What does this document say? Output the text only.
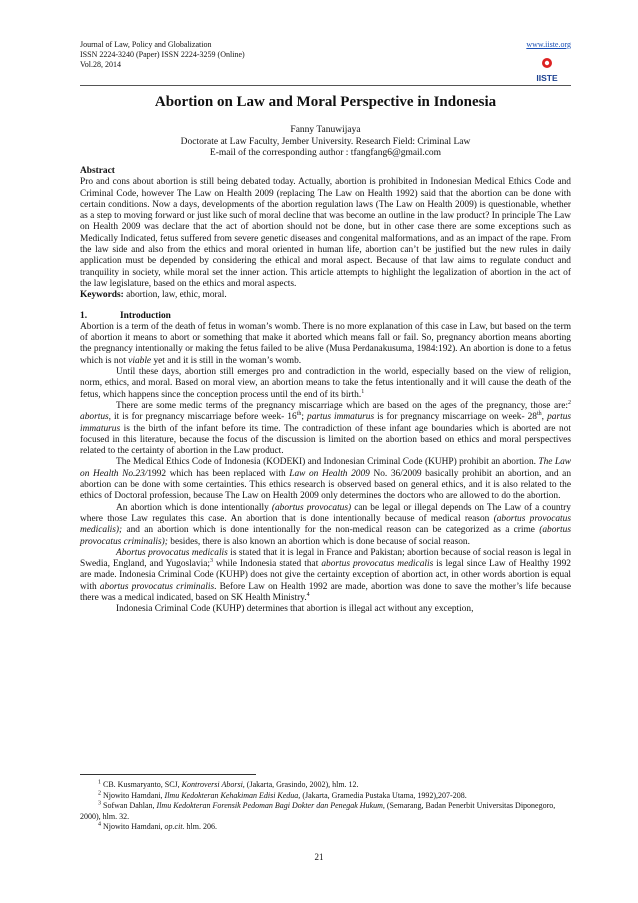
Journal of Law, Policy and Globalization
ISSN 2224-3240 (Paper) ISSN 2224-3259 (Online)
Vol.28, 2014
www.iiste.org
IISTE
Abortion on Law and Moral Perspective in Indonesia
Fanny Tanuwijaya
Doctorate at Law Faculty, Jember University. Research Field: Criminal Law
E-mail of the corresponding author : tfangfang6@gmail.com

Abstract

Pro and cons about abortion is still being debated today. Actually, abortion is prohibited in Indonesian Medical Ethics Code and Criminal Code, however The Law on Health 2009 (replacing The Law on Health 1992) said that the abortion can be done with certain conditions. Now a days, developments of the abortion regulation laws (The Law on Health 2009) is questionable, whether as a step to moving forward or just like such of moral decline that was become an outline in the law product? In principle The Law on Health 2009 was declare that the act of abortion should not be done, but in other case there are some exceptions such as Medically Indicated, fetus suffered from severe genetic diseases and congenital malformations, and as an impact of the rape. From the law side and also from the ethics and moral oriented in human life, abortion can’t be justified but the new rules in daily application must be depended by considering the ethical and moral aspect. Because of that law aims to regulate conduct and tranquility in society, while moral set the inner action. This article attempts to highlight the legalization of abortion in the act of the law legislature, based on the ethics and moral aspects.

Keywords: abortion, law, ethic, moral.

1.	Introduction

Abortion is a term of the death of fetus in woman’s womb. There is no more explanation of this case in Law, but based on the term of abortion it means to abort or something that make it aborted which means fall or fail. So, pregnancy abortion means aborting the pregnancy intentionally or making the fetus failed to be alive (Musa Perdanakusuma, 1984:192). An abortion is done to a fetus which is not viable yet and it is still in the woman’s womb.

Until these days, abortion still emerges pro and contradiction in the world, especially based on the view of religion, norm, ethics, and moral. Based on moral view, an abortion means to take the fetus intentionally and it will cause the death of the fetus, which happens since the conception process until the end of its birth.$^1$

There are some medic terms of the pregnancy miscarriage which are based on the ages of the pregnancy, those are:$^2$ abortus, it is for pregnancy miscarriage before week- 16th; partus immaturus is for pregnancy miscarriage on week- 28th, partus immaturus is the birth of the infant before its time. The contradiction of these infant age boundaries which is aborted are not focused in this literature, because the focus of the discussion is limited on the abortion based on ethics and moral perspectives related to the certainty of abortion in the Law product.

The Medical Ethics Code of Indonesia (KODEKI) and Indonesian Criminal Code (KUHP) prohibit an abortion. The Law on Health No.23/1992 which has been replaced with Law on Health 2009 No. 36/2009 basically prohibit an abortion, and an abortion can be done with some certainties. This ethics research is observed based on general ethics, and it is also related to the ethics of Doctoral profession, because The Law on Health 2009 only determines the doctors who are allowed to do the abortion.

An abortion which is done intentionally (abortus provocatus) can be legal or illegal depends on The Law of a country where those Law regulates this case. An abortion that is done intentionally because of medical reason (abortus provocatus medicalis); and an abortion which is done intentionally for the non-medical reason can be categorized as a crime (abortus provocatus criminalis); besides, there is also known an abortion which is done because of social reason.

Abortus provocatus medicalis is stated that it is legal in France and Pakistan; abortion because of social reason is legal in Swedia, England, and Yugoslavia;$^3$ while Indonesia stated that abortus provocatus medicalis is legal since Law of Healthy 1992 are made. Indonesia Criminal Code (KUHP) does not give the certainty exception of abortion act, in other words abortion is equal with abortus provocatus criminalis. Before Law on Health 1992 are made, abortion was done to save the mother’s life because there was a medical indicated, based on SK Health Ministry.$^4$

Indonesia Criminal Code (KUHP) determines that abortion is illegal act without any exception,

$^1$ CB. Kusmaryanto, SCJ, Kontroversi Aborsi, (Jakarta, Grasindo, 2002), hlm. 12.

$^2$ Njowito Hamdani, Ilmu Kedokteran Kehakiman Edisi Kedua, (Jakarta, Gramedia Pustaka Utama, 1992),207-208.

$^3$ Sofwan Dahlan, Ilmu Kedokteran Forensik Pedoman Bagi Dokter dan Penegak Hukum, (Semarang, Badan Penerbit Universitas Diponegoro, 2000), hlm. 32.

$^4$ Njowito Hamdani, op.cit. hlm. 206.

21
